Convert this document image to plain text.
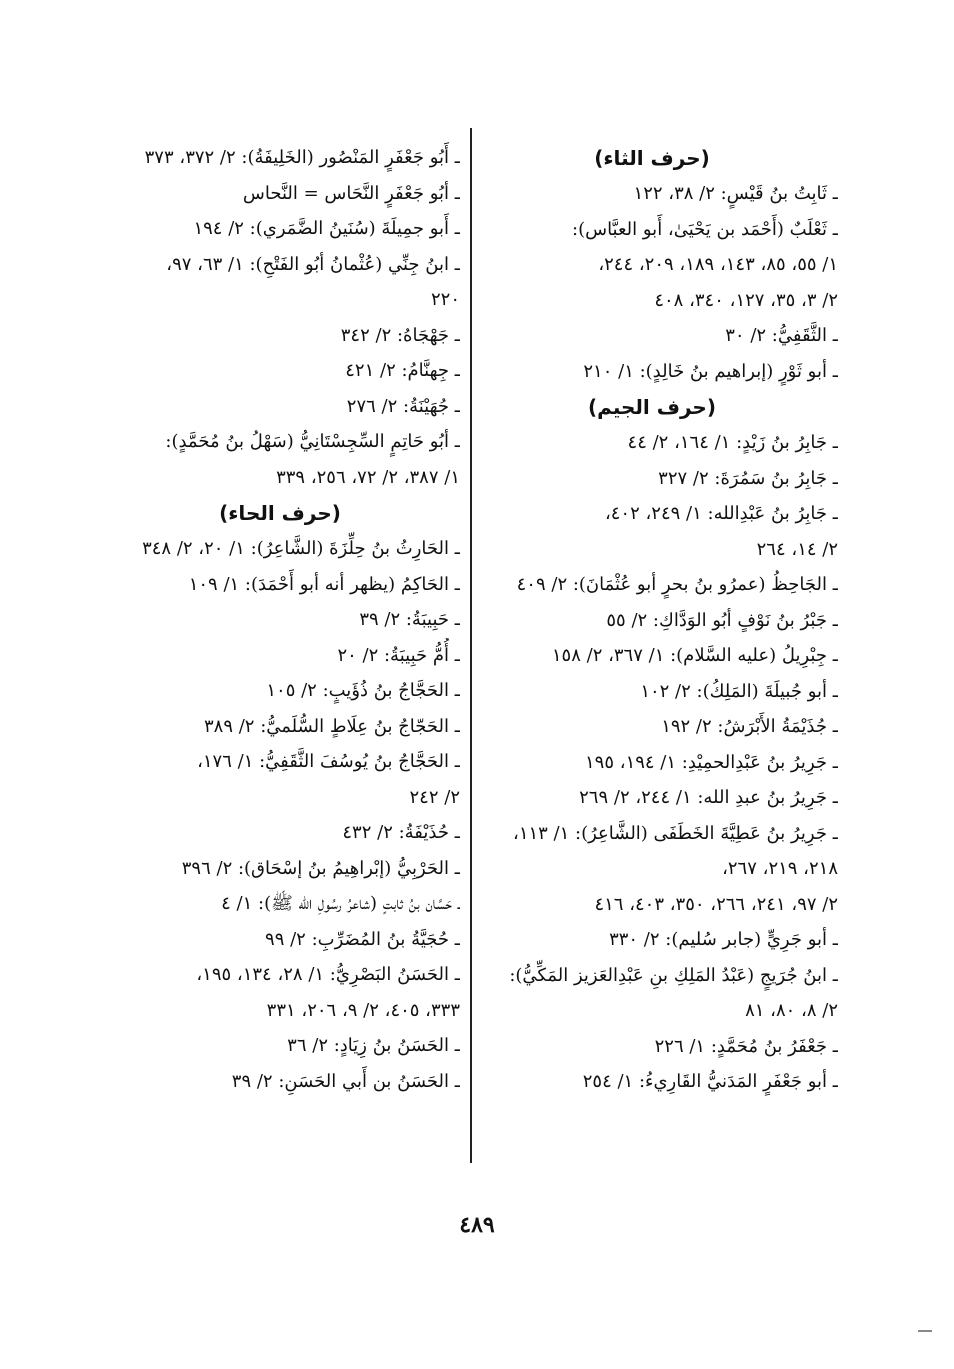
(حرف الثاء)
ـ ثَابِتُ بنُ قَيْسٍ: ٢/ ٣٨، ١٢٢
ـ ثَعْلَبٌ (أَحْمَد بن يَحْيَىٰ، أَبو العبَّاس):
١/ ٥٥، ٨٥، ١٤٣، ١٨٩، ٢٠٩، ٢٤٤،
٢/ ٣، ٣٥، ١٢٧، ٣٤٠، ٤٠٨
ـ الثَّقَفِيُّ: ٢/ ٣٠
ـ أبو ثَوْرٍ (إبراهيم بنُ خَالِدٍ): ١/ ٢١٠
(حرف الجيم)
ـ جَابِرُ بنُ زَيْدٍ: ١/ ١٦٤، ٢/ ٤٤
ـ جَابِرُ بنُ سَمُرَةَ: ٢/ ٣٢٧
ـ جَابِرُ بنُ عَبْدِالله: ١/ ٢٤٩، ٤٠٢،
٢/ ١٤، ٢٦٤
ـ الجَاحِظُ (عمرُو بنُ بحرٍ أبو عُثْمَانَ): ٢/ ٤٠٩
ـ جَبْرُ بنُ نَوْفٍ أبُو الوَدَّاكِ: ٢/ ٥٥
ـ جِبْرِيلُ (عليه السَّلام): ١/ ٣٦٧، ٢/ ١٥٨
ـ أبو جُبيلَةَ (المَلِكُ): ٢/ ١٠٢
ـ جُذَيْمَةُ الأَبْرَشُ: ٢/ ١٩٢
ـ جَرِيرُ بنُ عَبْدِالحمِيْدِ: ١/ ١٩٤، ١٩٥
ـ جَرِيرُ بنُ عبدِ الله: ١/ ٢٤٤، ٢/ ٢٦٩
ـ جَرِيرُ بنُ عَطِيَّةَ الخَطَفَى (الشَّاعِرُ): ١/ ١١٣،
٢١٨، ٢١٩، ٢٦٧،
٢/ ٩٧، ٢٤١، ٢٦٦، ٣٥٠، ٤٠٣، ٤١٦
ـ أبو جَرِيٍّ (جابر سُليم): ٢/ ٣٣٠
ـ ابنُ جُرَيجٍ (عَبْدُ المَلِكِ بنِ عَبْدِالعَزيز المَكِّيُّ):
٢/ ٨، ٨٠، ٨١
ـ جَعْفَرُ بنُ مُحَمَّدٍ: ١/ ٢٢٦
ـ أبو جَعْفَرٍ المَدَنيُّ القَارِيءُ: ١/ ٢٥٤
ـ أَبُو جَعْفَرٍ المَنْصُور (الخَلِيفَةُ): ٢/ ٣٧٢، ٣٧٣
ـ أبُو جَعْفَرٍ النَّحَاس = النَّحاس
ـ أَبو جمِيلَةَ (سُنَينُ الضَّمَري): ٢/ ١٩٤
ـ ابنُ جِنِّي (عُثْمانُ أبُو الفَتْحِ): ١/ ٦٣، ٩٧،
٢٢٠
ـ جَهْجَاهُ: ٢/ ٣٤٢
ـ جِهنَّامُ: ٢/ ٤٢١
ـ جُهَيْنَةُ: ٢/ ٢٧٦
ـ أبُو حَاتِمٍ السِّجِسْتَانِيُّ (سَهْلُ بنُ مُحَمَّدٍ):
١/ ٣٨٧، ٢/ ٧٢، ٢٥٦، ٣٣٩
(حرف الحاء)
ـ الحَارِثُ بنُ حِلِّزَةَ (الشَّاعِرُ): ١/ ٢٠، ٢/ ٣٤٨
ـ الحَاكِمُ (يظهر أنه أبو أَحْمَدَ): ١/ ١٠٩
ـ حَبِيبَةُ: ٢/ ٣٩
ـ أُمُّ حَبِيبَةُ: ٢/ ٢٠
ـ الحَجَّاجُ بنُ ذُؤَيبٍ: ٢/ ١٠٥
ـ الحَجّاجُ بنُ عِلَاطٍ السُّلَميُّ: ٢/ ٣٨٩
ـ الحَجَّاجُ بنُ يُوسُفَ الثَّقَفِيُّ: ١/ ١٧٦،
٢/ ٢٤٢
ـ حُذَيْفَةُ: ٢/ ٤٣٢
ـ الحَرْبِيُّ (إبْراهِيمُ بنُ إسْحَاق): ٢/ ٣٩٦
ـ حَسَّان بنُ ثابتٍ (شاعرُ رسُولِ الله ﷺ): ١/ ٤
ـ حُجَيَّةُ بنُ المُضَرِّبِ: ٢/ ٩٩
ـ الحَسَنُ البَصْرِيُّ: ١/ ٢٨، ١٣٤، ١٩٥،
٣٣٣، ٤٠٥، ٢/ ٩، ٢٠٦، ٣٣١
ـ الحَسَنُ بنُ زِيَادٍ: ٢/ ٣٦
ـ الحَسَنُ بن أَبي الحَسَنِ: ٢/ ٣٩
٤٨٩
